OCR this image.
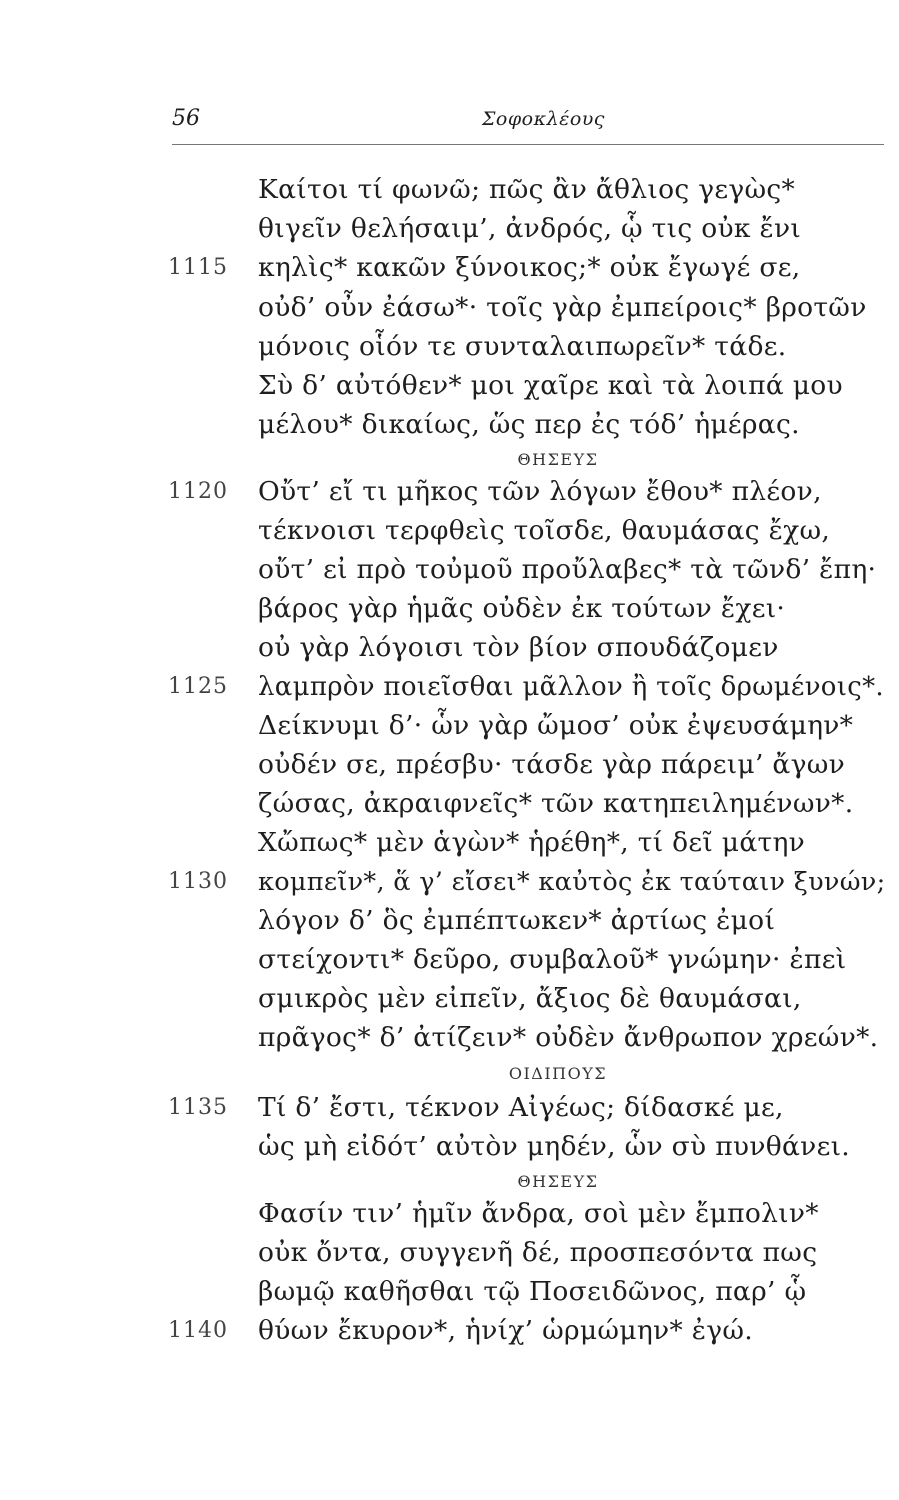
56	Σοφοκλέους
Καίτοι τί φωνῶ; πῶς ἂν ἄθλιος γεγὼς*
θιγεῖν θελήσαιμ’, ἀνδρός, ᾧ τις οὐκ ἔνι
1115 κηλὶς* κακῶν ξύνοικος;* οὐκ ἔγωγέ σε,
οὐδ’ οὖν ἐάσω*· τοῖς γὰρ ἐμπείροις* βροτῶν
μόνοις οἷόν τε συνταλαιπωρεῖν* τάδε.
Σὺ δ’ αὐτόθεν* μοι χαῖρε καὶ τὰ λοιπά μου
μέλου* δικαίως, ὥς περ ἐς τόδ’ ἡμέρας.
ΘΗΣΕΥΣ
1120 Οὔτ’ εἴ τι μῆκος τῶν λόγων ἔθου* πλέον,
τέκνοισι τερφθεὶς τοῖσδε, θαυμάσας ἔχω,
οὔτ’ εἰ πρὸ τοὐμοῦ προὔλαβες* τὰ τῶνδ’ ἔπη·
βάρος γὰρ ἡμᾶς οὐδὲν ἐκ τούτων ἔχει·
οὐ γὰρ λόγοισι τὸν βίον σπουδάζομεν
1125 λαμπρὸν ποιεῖσθαι μᾶλλον ἢ τοῖς δρωμένοις*.
Δείκνυμι δ’· ὧν γὰρ ὤμοσ’ οὐκ ἐψευσάμην*
οὐδέν σε, πρέσβυ· τάσδε γὰρ πάρειμ’ ἄγων
ζώσας, ἀκραιφνεῖς* τῶν κατηπειλημένων*.
Χὤπως* μὲν ἁγὼν* ἡρέθη*, τί δεῖ μάτην
1130 κομπεῖν*, ἅ γ’ εἴσει* καὐτὸς ἐκ ταύταιν ξυνών;
λόγον δ’ ὃς ἐμπέπτωκεν* ἀρτίως ἐμοί
στείχοντι* δεῦρο, συμβαλοῦ* γνώμην· ἐπεὶ
σμικρὸς μὲν εἰπεῖν, ἄξιος δὲ θαυμάσαι,
πρᾶγος* δ’ ἀτίζειν* οὐδὲν ἄνθρωπον χρεών*.
ΟΙΔΙΠΟΥΣ
1135 Τί δ’ ἔστι, τέκνον Αἰγέως; δίδασκέ με,
ὡς μὴ εἰδότ’ αὐτὸν μηδέν, ὧν σὺ πυνθάνει.
ΘΗΣΕΥΣ
Φασίν τιν’ ἡμῖν ἄνδρα, σοὶ μὲν ἔμπολιν*
οὐκ ὄντα, συγγενῆ δέ, προσπεσόντα πως
βωμῷ καθῆσθαι τῷ Ποσειδῶνος, παρ’ ᾧ
1140 θύων ἔκυρον*, ἡνίχ’ ὡρμώμην* ἐγώ.
